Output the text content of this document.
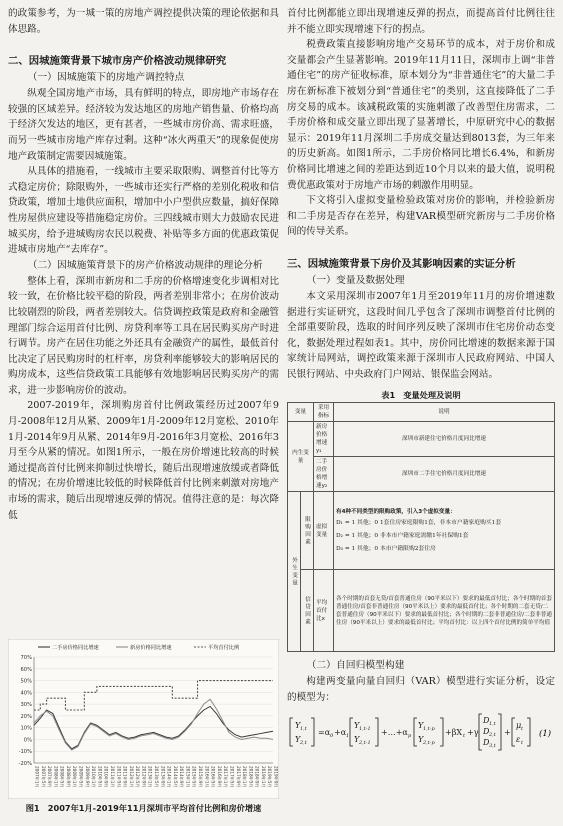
的政策参考，为一城一策的房地产调控提供决策的理论依据和具体思路。
二、因城施策背景下城市房产价格波动规律研究
（一）因城施策下的房地产调控特点
纵观全国房地产市场，具有鲜明的特点，即房地产市场存在较强的区域差异。经济较为发达地区的房地产销售量、价格均高于经济欠发达的地区，更有甚者，一些城市房价高、需求旺盛，而另一些城市房地产库存过剩。这种“冰火两重天”的现象促使房地产政策制定需要因城施策。
从具体的措施看，一线城市主要采取限购、调整首付比等方式稳定房价；除限购外，一些城市还实行严格的差别化税收和信贷政策，增加土地供应面积，增加中小户型供应数量，搞好保障性房屋供应建设等措施稳定房价。三四线城市则大力鼓励农民进城买房，给予进城购房农民以税费、补贴等多方面的优惠政策促进城市房地产“去库存”。
（二）因城施策背景下的房产价格波动规律的理论分析
整体上看，深圳市新房和二手房的价格增速变化步调相对比较一致，在价格比较平稳的阶段，两者差别非常小；在房价波动比较剧烈的阶段，两者差别较大。信贷调控政策是政府和金融管理部门综合运用首付比例、房贷利率等工具在居民购买房产时进行调节。房产在居住功能之外还具有金融资产的属性，最低首付比决定了居民购房时的杠杆率，房贷利率能够较大的影响居民的购房成本，这些信贷政策工具能够有效地影响居民购买房产的需求，进一步影响房价的波动。
2007-2019年，深圳购房首付比例政策经历过2007年9月-2008年12月从紧、2009年1月-2009年12月宽松、2010年1月-2014年9月从紧、2014年9月-2016年3月宽松、2016年3月至今从紧的情况。如图1所示，一般在房价增速比较高的时候通过提高首付比例来抑制过快增长，随后出现增速放缓或者降低的情况；在房价增速比较低的时候降低首付比例来刺激对房地产市场的需求，随后出现增速反弹的情况。值得注意的是：每次降低
-20%
-10%
0%
10%
20%
30%
40%
50%
60%
70%
2007年1月 2007年5月 2007年9月 2008年1月 2008年5月 2008年9月 2009年1月 2009年5月 2009年9月 2010年1月 2010年5月 2010年9月 2011年1月 2011年5月 2011年9月 2012年1月 2012年5月 2012年9月 2013年1月 2013年5月 2013年9月 2014年1月 2014年5月 2014年9月 2015年1月 2015年5月 2015年9月 2016年1月 2016年5月 2016年9月 2017年1月 2017年5月 2017年9月 2018年1月 2018年5月 2018年9月 2019年1月 2019年5月 2019年9月
二手房价格同比增速	新房价格同比增速	平均首付比例
图1　2007年1月-2019年11月深圳市平均首付比例和房价增速
首付比例都能立即出现增速反弹的拐点，而提高首付比例往往并不能立即实现增速下行的拐点。
税费政策直接影响房地产交易环节的成本，对于房价和成交量都会产生显著影响。2019年11月11日，深圳市上调“非普通住宅”的房产征收标准，原本划分为“非普通住宅”的大量二手房在新标准下被划分到“普通住宅”的类别，这直接降低了二手房交易的成本。该减税政策的实施刺激了改善型住房需求，二手房价格和成交量立即出现了显著增长，中原研究中心的数据显示：2019年11月深圳二手房成交量达到8013套，为三年来的历史新高。如图1所示，二手房价格同比增长6.4%，和新房价格同比增速之间的差距达到近10个月以来的最大值，说明税费优惠政策对于房地产市场的刺激作用明显。
下文将引入虚拟变量检验政策对房价的影响，并检验新房和二手房是否存在差异，构建VAR模型研究新房与二手房价格间的传导关系。
三、因城施策背景下房价及其影响因素的实证分析
（一）变量及数据处理
本文采用深圳市2007年1月至2019年11月的房价增速数据进行实证研究，这段时间几乎包含了深圳市调整首付比例的全部重要阶段，选取的时间序列反映了深圳市住宅房价动态变化，数据处理过程如表1。其中，房价同比增速的数据来源于国家统计局网站，调控政策来源于深圳市人民政府网站、中国人民银行网站、中央政府门户网站、银保监会网站。
表1　变量处理及说明
变量		采用指标	说明
内生变量		新房价格增速y₁	深圳市新建住宅价格月度同比增速
		二手房价格增速y₂	深圳市二手住宅价格月度同比增速

外生变量	限购因素	虚拟变量	有4种不同类型的限购政策，引入3个虚拟变量：
D₁ = 1 其他；0 1套住房家庭限购1套，非本市户籍家庭购买1套
D₂ = 1 其他；0 非本市户籍家庭需缴1年社保购1套
D₃ = 1 其他；0 本市户籍限购2套住房

	信贷因素	平均首付比x	各个时期的首套无贷/首套普通住房（90平米以下）要求的最低首付比；各个时期的首套普通住房/首套非普通住房（90平米以上）要求的最低首付比；各个时期的二套无贷/二套普通住房（90平米以下）要求的最低首付比；各个时期的二套非普通住房/二套非普通住房（90平米以上）要求的最低首付比；平均首付比：以上四个首付比例的简单平均值
（二）自回归模型构建
构建两变量向量自回归（VAR）模型进行实证分析，设定的模型为：
Y 1,t
Y 2,t
=α 0 +α 1
Y 1,t-1
Y 2,t-1
+…+α p
Y 1,t-p
Y 2,t-p
+βX t +γ
D 1,t
D 2,t
D 3,t
+
μ t
ε t
(1)
